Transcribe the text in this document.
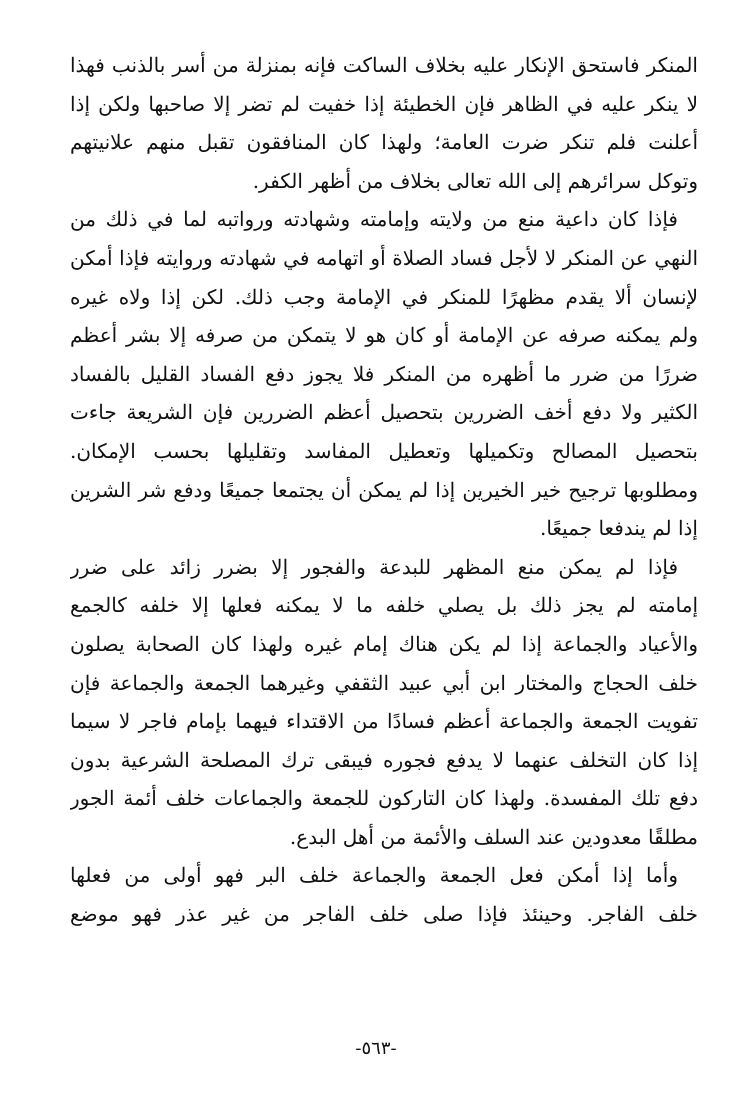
المنكر فاستحق الإنكار عليه بخلاف الساكت فإنه بمنزلة من أسر بالذنب فهذا
لا ينكر عليه في الظاهر فإن الخطيئة إذا خفيت لم تضر إلا صاحبها ولكن إذا
أعلنت فلم تنكر ضرت العامة؛ ولهذا كان المنافقون تقبل منهم علانيتهم
وتوكل سرائرهم إلى الله تعالى بخلاف من أظهر الكفر.

فإذا كان داعية منع من ولايته وإمامته وشهادته ورواتبه لما في ذلك من
النهي عن المنكر لا لأجل فساد الصلاة أو اتهامه في شهادته وروايته فإذا أمكن
لإنسان ألا يقدم مظهرًا للمنكر في الإمامة وجب ذلك. لكن إذا ولاه غيره
ولم يمكنه صرفه عن الإمامة أو كان هو لا يتمكن من صرفه إلا بشر أعظم
ضررًا من ضرر ما أظهره من المنكر فلا يجوز دفع الفساد القليل بالفساد
الكثير ولا دفع أخف الضررين بتحصيل أعظم الضررين فإن الشريعة جاءت
بتحصيل المصالح وتكميلها وتعطيل المفاسد وتقليلها بحسب الإمكان.
ومطلوبها ترجيح خير الخيرين إذا لم يمكن أن يجتمعا جميعًا ودفع شر الشرين
إذا لم يندفعا جميعًا.

فإذا لم يمكن منع المظهر للبدعة والفجور إلا بضرر زائد على ضرر
إمامته لم يجز ذلك بل يصلي خلفه ما لا يمكنه فعلها إلا خلفه كالجمع
والأعياد والجماعة إذا لم يكن هناك إمام غيره ولهذا كان الصحابة يصلون
خلف الحجاج والمختار ابن أبي عبيد الثقفي وغيرهما الجمعة والجماعة فإن
تفويت الجمعة والجماعة أعظم فسادًا من الاقتداء فيهما بإمام فاجر لا سيما
إذا كان التخلف عنهما لا يدفع فجوره فيبقى ترك المصلحة الشرعية بدون
دفع تلك المفسدة. ولهذا كان التاركون للجمعة والجماعات خلف أئمة الجور
مطلقًا معدودين عند السلف والأئمة من أهل البدع.

وأما إذا أمكن فعل الجمعة والجماعة خلف البر فهو أولى من فعلها
خلف الفاجر. وحينئذ فإذا صلى خلف الفاجر من غير عذر فهو موضع

-٥٦٣-
